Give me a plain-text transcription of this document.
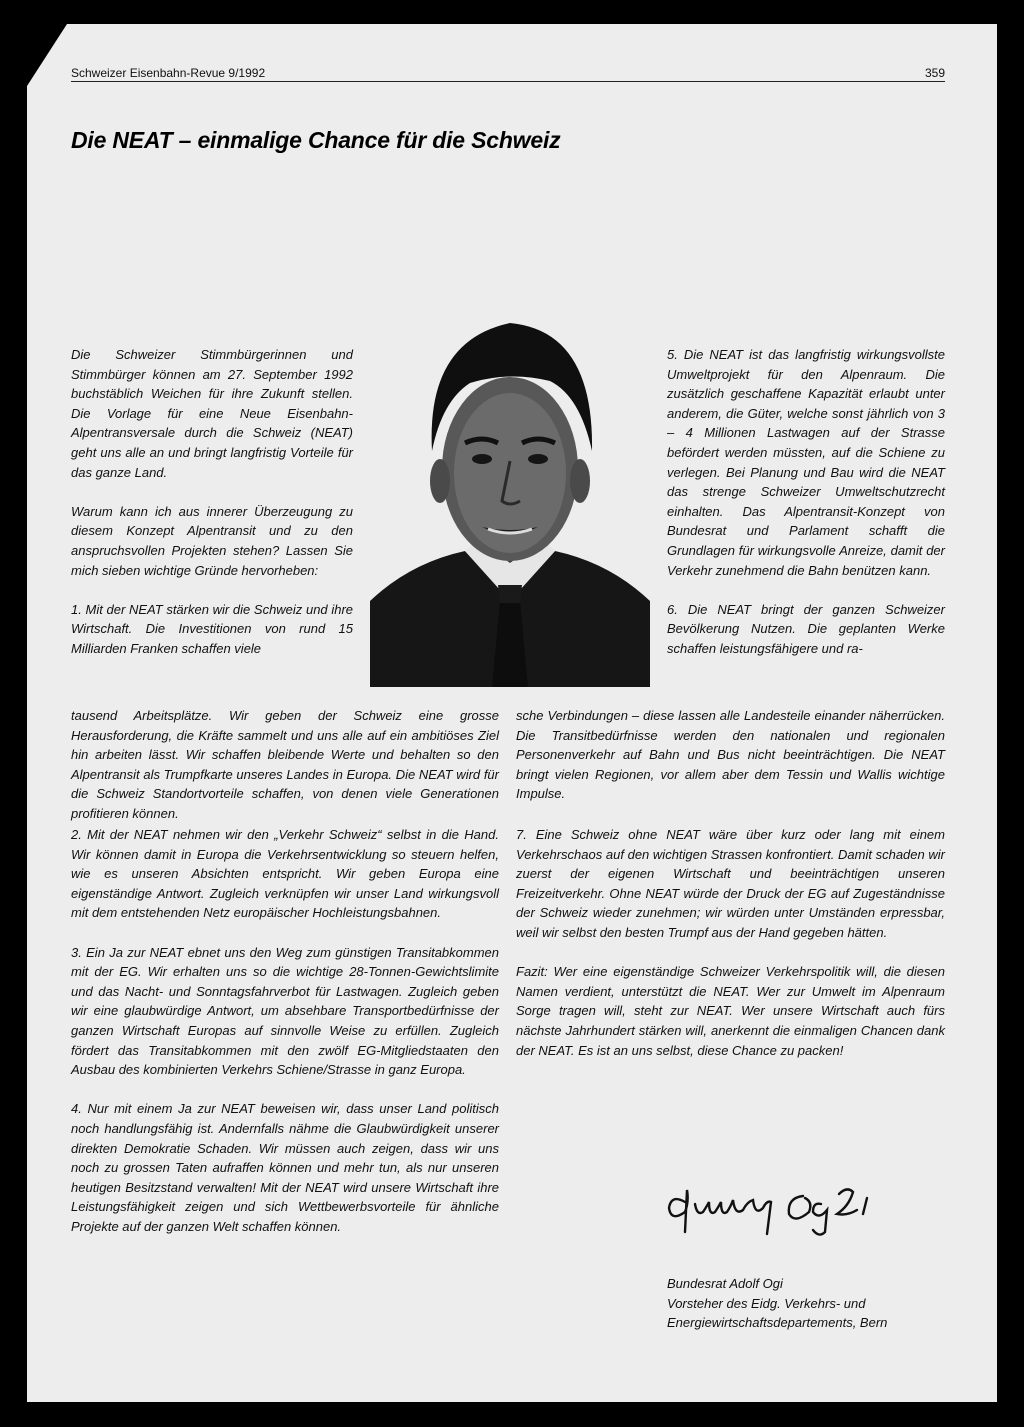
Schweizer Eisenbahn-Revue 9/1992	359
Die NEAT – einmalige Chance für die Schweiz

Die Schweizer Stimmbürgerinnen und Stimmbürger können am 27. September 1992 buchstäblich Weichen für ihre Zukunft stellen. Die Vorlage für eine Neue Eisenbahn-Alpentransversale durch die Schweiz (NEAT) geht uns alle an und bringt langfristig Vorteile für das ganze Land.

Warum kann ich aus innerer Überzeugung zu diesem Konzept Alpentransit und zu den anspruchsvollen Projekten stehen? Lassen Sie mich sieben wichtige Gründe hervorheben:

1. Mit der NEAT stärken wir die Schweiz und ihre Wirtschaft. Die Investitionen von rund 15 Milliarden Franken schaffen viele

5. Die NEAT ist das langfristig wirkungsvollste Umweltprojekt für den Alpenraum. Die zusätzlich geschaffene Kapazität erlaubt unter anderem, die Güter, welche sonst jährlich von 3 – 4 Millionen Lastwagen auf der Strasse befördert werden müssten, auf die Schiene zu verlegen. Bei Planung und Bau wird die NEAT das strenge Schweizer Umweltschutzrecht einhalten. Das Alpentransit-Konzept von Bundesrat und Parlament schafft die Grundlagen für wirkungsvolle Anreize, damit der Verkehr zunehmend die Bahn benützen kann.

6. Die NEAT bringt der ganzen Schweizer Bevölkerung Nutzen. Die geplanten Werke schaffen leistungsfähigere und ra-

tausend Arbeitsplätze. Wir geben der Schweiz eine grosse Herausforderung, die Kräfte sammelt und uns alle auf ein ambitiöses Ziel hin arbeiten lässt. Wir schaffen bleibende Werte und behalten so den Alpentransit als Trumpfkarte unseres Landes in Europa. Die NEAT wird für die Schweiz Standortvorteile schaffen, von denen viele Generationen profitieren können.

sche Verbindungen – diese lassen alle Landesteile einander näherrücken. Die Transitbedürfnisse werden den nationalen und regionalen Personenverkehr auf Bahn und Bus nicht beeinträchtigen. Die NEAT bringt vielen Regionen, vor allem aber dem Tessin und Wallis wichtige Impulse.

2. Mit der NEAT nehmen wir den „Verkehr Schweiz“ selbst in die Hand. Wir können damit in Europa die Verkehrsentwicklung so steuern helfen, wie es unseren Absichten entspricht. Wir geben Europa eine eigenständige Antwort. Zugleich verknüpfen wir unser Land wirkungsvoll mit dem entstehenden Netz europäischer Hochleistungsbahnen.

3. Ein Ja zur NEAT ebnet uns den Weg zum günstigen Transitabkommen mit der EG. Wir erhalten uns so die wichtige 28-Tonnen-Gewichtslimite und das Nacht- und Sonntagsfahrverbot für Lastwagen. Zugleich geben wir eine glaubwürdige Antwort, um absehbare Transportbedürfnisse der ganzen Wirtschaft Europas auf sinnvolle Weise zu erfüllen. Zugleich fördert das Transitabkommen mit den zwölf EG-Mitgliedstaaten den Ausbau des kombinierten Verkehrs Schiene/Strasse in ganz Europa.

4. Nur mit einem Ja zur NEAT beweisen wir, dass unser Land politisch noch handlungsfähig ist. Andernfalls nähme die Glaubwürdigkeit unserer direkten Demokratie Schaden. Wir müssen auch zeigen, dass wir uns noch zu grossen Taten aufraffen können und mehr tun, als nur unseren heutigen Besitzstand verwalten! Mit der NEAT wird unsere Wirtschaft ihre Leistungsfähigkeit zeigen und sich Wettbewerbsvorteile für ähnliche Projekte auf der ganzen Welt schaffen können.

7. Eine Schweiz ohne NEAT wäre über kurz oder lang mit einem Verkehrschaos auf den wichtigen Strassen konfrontiert. Damit schaden wir zuerst der eigenen Wirtschaft und beeinträchtigen unseren Freizeitverkehr. Ohne NEAT würde der Druck der EG auf Zugeständnisse der Schweiz wieder zunehmen; wir würden unter Umständen erpressbar, weil wir selbst den besten Trumpf aus der Hand gegeben hätten.

Fazit: Wer eine eigenständige Schweizer Verkehrspolitik will, die diesen Namen verdient, unterstützt die NEAT. Wer zur Umwelt im Alpenraum Sorge tragen will, steht zur NEAT. Wer unsere Wirtschaft auch fürs nächste Jahrhundert stärken will, anerkennt die einmaligen Chancen dank der NEAT. Es ist an uns selbst, diese Chance zu packen!

Bundesrat Adolf Ogi
Vorsteher des Eidg. Verkehrs- und
Energiewirtschaftsdepartements, Bern
